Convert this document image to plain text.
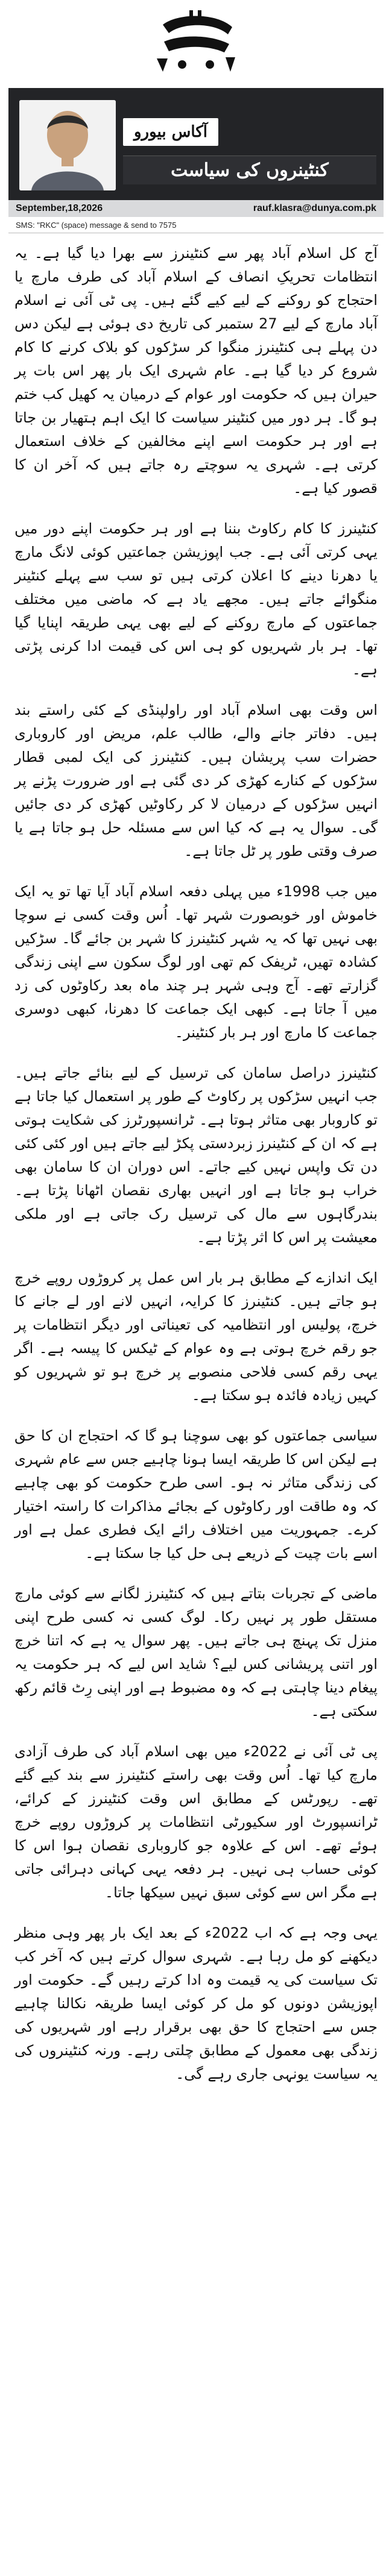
آکاس بیورو
کنٹینروں کی سیاست
September,18,2026	rauf.klasra@dunya.com.pk
SMS: "RKC" (space) message & send to 7575

آج کل اسلام آباد پھر سے کنٹینرز سے بھرا دیا گیا ہے۔ یہ انتظامات تحریکِ انصاف کے اسلام آباد کی طرف مارچ یا احتجاج کو روکنے کے لیے کیے گئے ہیں۔ پی ٹی آئی نے اسلام آباد مارچ کے لیے 27 ستمبر کی تاریخ دی ہوئی ہے لیکن دس دن پہلے ہی کنٹینرز منگوا کر سڑکوں کو بلاک کرنے کا کام شروع کر دیا گیا ہے۔ عام شہری ایک بار پھر اس بات پر حیران ہیں کہ حکومت اور عوام کے درمیان یہ کھیل کب ختم ہو گا۔ ہر دور میں کنٹینر سیاست کا ایک اہم ہتھیار بن جاتا ہے اور ہر حکومت اسے اپنے مخالفین کے خلاف استعمال کرتی ہے۔ شہری یہ سوچتے رہ جاتے ہیں کہ آخر ان کا قصور کیا ہے۔

کنٹینرز کا کام رکاوٹ بننا ہے اور ہر حکومت اپنے دور میں یہی کرتی آئی ہے۔ جب اپوزیشن جماعتیں کوئی لانگ مارچ یا دھرنا دینے کا اعلان کرتی ہیں تو سب سے پہلے کنٹینر منگوائے جاتے ہیں۔ مجھے یاد ہے کہ ماضی میں مختلف جماعتوں کے مارچ روکنے کے لیے بھی یہی طریقہ اپنایا گیا تھا۔ ہر بار شہریوں کو ہی اس کی قیمت ادا کرنی پڑتی ہے۔

اس وقت بھی اسلام آباد اور راولپنڈی کے کئی راستے بند ہیں۔ دفاتر جانے والے، طالب علم، مریض اور کاروباری حضرات سب پریشان ہیں۔ کنٹینرز کی ایک لمبی قطار سڑکوں کے کنارے کھڑی کر دی گئی ہے اور ضرورت پڑنے پر انہیں سڑکوں کے درمیان لا کر رکاوٹیں کھڑی کر دی جائیں گی۔ سوال یہ ہے کہ کیا اس سے مسئلہ حل ہو جاتا ہے یا صرف وقتی طور پر ٹل جاتا ہے۔

میں جب 1998ء میں پہلی دفعہ اسلام آباد آیا تھا تو یہ ایک خاموش اور خوبصورت شہر تھا۔ اُس وقت کسی نے سوچا بھی نہیں تھا کہ یہ شہر کنٹینرز کا شہر بن جائے گا۔ سڑکیں کشادہ تھیں، ٹریفک کم تھی اور لوگ سکون سے اپنی زندگی گزارتے تھے۔ آج وہی شہر ہر چند ماہ بعد رکاوٹوں کی زد میں آ جاتا ہے۔ کبھی ایک جماعت کا دھرنا، کبھی دوسری جماعت کا مارچ اور ہر بار کنٹینر۔

کنٹینرز دراصل سامان کی ترسیل کے لیے بنائے جاتے ہیں۔ جب انہیں سڑکوں پر رکاوٹ کے طور پر استعمال کیا جاتا ہے تو کاروبار بھی متاثر ہوتا ہے۔ ٹرانسپورٹرز کی شکایت ہوتی ہے کہ ان کے کنٹینرز زبردستی پکڑ لیے جاتے ہیں اور کئی کئی دن تک واپس نہیں کیے جاتے۔ اس دوران ان کا سامان بھی خراب ہو جاتا ہے اور انہیں بھاری نقصان اٹھانا پڑتا ہے۔ بندرگاہوں سے مال کی ترسیل رک جاتی ہے اور ملکی معیشت پر اس کا اثر پڑتا ہے۔

ایک اندازے کے مطابق ہر بار اس عمل پر کروڑوں روپے خرچ ہو جاتے ہیں۔ کنٹینرز کا کرایہ، انہیں لانے اور لے جانے کا خرچ، پولیس اور انتظامیہ کی تعیناتی اور دیگر انتظامات پر جو رقم خرچ ہوتی ہے وہ عوام کے ٹیکس کا پیسہ ہے۔ اگر یہی رقم کسی فلاحی منصوبے پر خرچ ہو تو شہریوں کو کہیں زیادہ فائدہ ہو سکتا ہے۔

سیاسی جماعتوں کو بھی سوچنا ہو گا کہ احتجاج ان کا حق ہے لیکن اس کا طریقہ ایسا ہونا چاہیے جس سے عام شہری کی زندگی متاثر نہ ہو۔ اسی طرح حکومت کو بھی چاہیے کہ وہ طاقت اور رکاوٹوں کے بجائے مذاکرات کا راستہ اختیار کرے۔ جمہوریت میں اختلاف رائے ایک فطری عمل ہے اور اسے بات چیت کے ذریعے ہی حل کیا جا سکتا ہے۔

ماضی کے تجربات بتاتے ہیں کہ کنٹینرز لگانے سے کوئی مارچ مستقل طور پر نہیں رکا۔ لوگ کسی نہ کسی طرح اپنی منزل تک پہنچ ہی جاتے ہیں۔ پھر سوال یہ ہے کہ اتنا خرچ اور اتنی پریشانی کس لیے؟ شاید اس لیے کہ ہر حکومت یہ پیغام دینا چاہتی ہے کہ وہ مضبوط ہے اور اپنی رِٹ قائم رکھ سکتی ہے۔

پی ٹی آئی نے 2022ء میں بھی اسلام آباد کی طرف آزادی مارچ کیا تھا۔ اُس وقت بھی راستے کنٹینرز سے بند کیے گئے تھے۔ رپورٹس کے مطابق اس وقت کنٹینرز کے کرائے، ٹرانسپورٹ اور سکیورٹی انتظامات پر کروڑوں روپے خرچ ہوئے تھے۔ اس کے علاوہ جو کاروباری نقصان ہوا اس کا کوئی حساب ہی نہیں۔ ہر دفعہ یہی کہانی دہرائی جاتی ہے مگر اس سے کوئی سبق نہیں سیکھا جاتا۔

یہی وجہ ہے کہ اب 2022ء کے بعد ایک بار پھر وہی منظر دیکھنے کو مل رہا ہے۔ شہری سوال کرتے ہیں کہ آخر کب تک سیاست کی یہ قیمت وہ ادا کرتے رہیں گے۔ حکومت اور اپوزیشن دونوں کو مل کر کوئی ایسا طریقہ نکالنا چاہیے جس سے احتجاج کا حق بھی برقرار رہے اور شہریوں کی زندگی بھی معمول کے مطابق چلتی رہے۔ ورنہ کنٹینروں کی یہ سیاست یونہی جاری رہے گی۔
